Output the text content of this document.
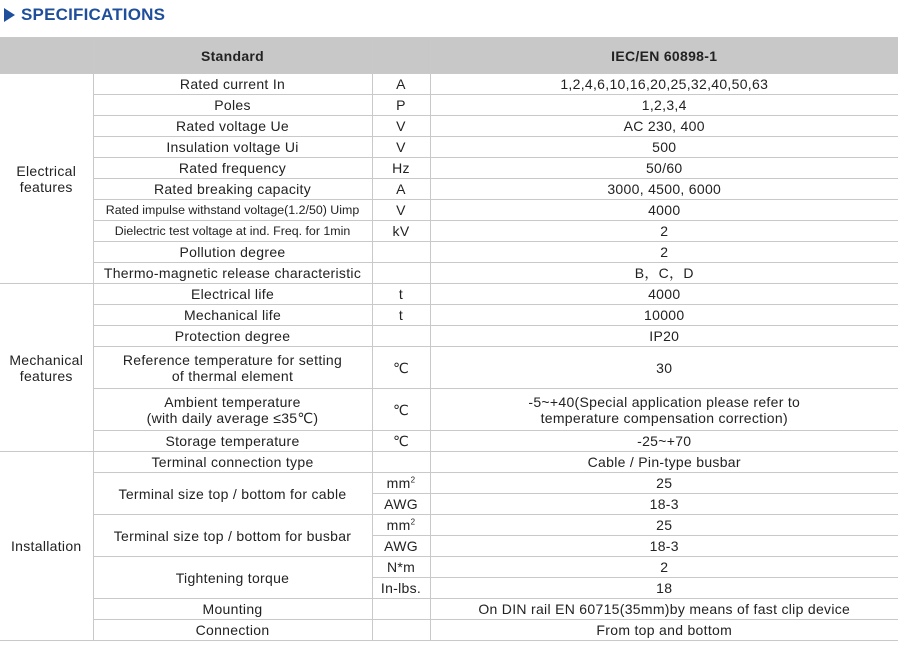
SPECIFICATIONS
	Standard		IEC/EN 60898-1
Electrical
features	Rated current In	A	1,2,4,6,10,16,20,25,32,40,50,63
	Poles	P	1,2,3,4
	Rated voltage Ue	V	AC 230, 400
	Insulation voltage Ui	V	500
	Rated frequency	Hz	50/60
	Rated breaking capacity	A	3000, 4500, 6000
	Rated impulse withstand voltage(1.2/50) Uimp	V	4000
	Dielectric test voltage at ind. Freq. for 1min	kV	2
	Pollution degree		2
	Thermo-magnetic release characteristic		B，C，D
Mechanical
features	Electrical life	t	4000
	Mechanical life	t	10000
	Protection degree		IP20
	Reference temperature for setting
of thermal element	℃	30
	Ambient temperature
(with daily average ≤35℃)	℃	-5~+40(Special application please refer to
temperature compensation correction)
	Storage temperature	℃	-25~+70
Installation	Terminal connection type		Cable / Pin-type busbar
	Terminal size top / bottom for cable	$mm^2$	25
		AWG	18-3
	Terminal size top / bottom for busbar	$mm^2$	25
		AWG	18-3
	Tightening torque	N*m	2
		In-lbs.	18
	Mounting		On DIN rail EN 60715(35mm)by means of fast clip device
	Connection		From top and bottom
